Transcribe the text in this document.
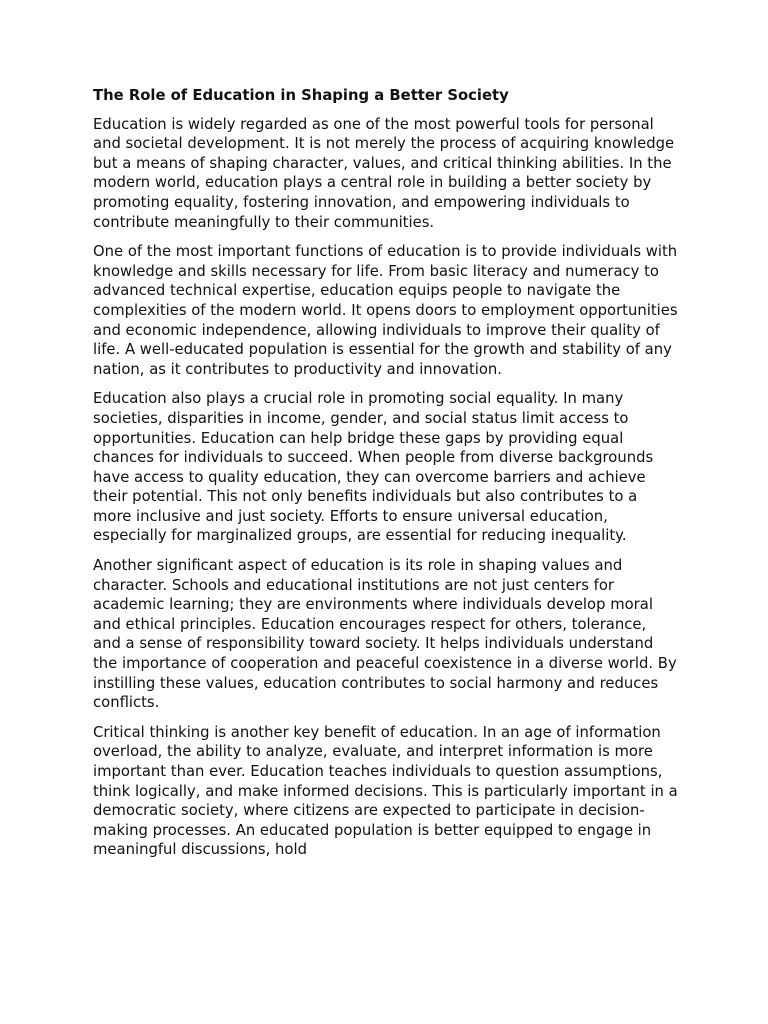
The Role of Education in Shaping a Better Society

Education is widely regarded as one of the most powerful tools for personal and societal development. It is not merely the process of acquiring knowledge but a means of shaping character, values, and critical thinking abilities. In the modern world, education plays a central role in building a better society by promoting equality, fostering innovation, and empowering individuals to contribute meaningfully to their communities.

One of the most important functions of education is to provide individuals with knowledge and skills necessary for life. From basic literacy and numeracy to advanced technical expertise, education equips people to navigate the complexities of the modern world. It opens doors to employment opportunities and economic independence, allowing individuals to improve their quality of life. A well-educated population is essential for the growth and stability of any nation, as it contributes to productivity and innovation.

Education also plays a crucial role in promoting social equality. In many societies, disparities in income, gender, and social status limit access to opportunities. Education can help bridge these gaps by providing equal chances for individuals to succeed. When people from diverse backgrounds have access to quality education, they can overcome barriers and achieve their potential. This not only benefits individuals but also contributes to a more inclusive and just society. Efforts to ensure universal education, especially for marginalized groups, are essential for reducing inequality.

Another significant aspect of education is its role in shaping values and character. Schools and educational institutions are not just centers for academic learning; they are environments where individuals develop moral and ethical principles. Education encourages respect for others, tolerance, and a sense of responsibility toward society. It helps individuals understand the importance of cooperation and peaceful coexistence in a diverse world. By instilling these values, education contributes to social harmony and reduces conflicts.

Critical thinking is another key benefit of education. In an age of information overload, the ability to analyze, evaluate, and interpret information is more important than ever. Education teaches individuals to question assumptions, think logically, and make informed decisions. This is particularly important in a democratic society, where citizens are expected to participate in decision-making processes. An educated population is better equipped to engage in meaningful discussions, hold
